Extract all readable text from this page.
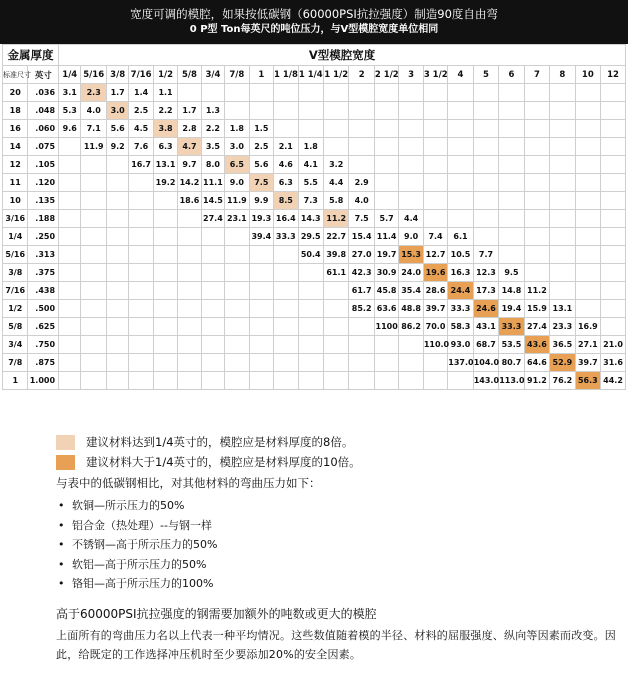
宽度可调的模腔，如果按低碳钢（60000PSI抗拉强度）制造90度自由弯
0 P型 Ton每英尺的吨位压力，与V型模腔宽度单位相同
金属厚度		V型模腔宽度																						
标准尺寸	英寸	1/4	5/16	3/8	7/16	1/2	5/8	3/4	7/8	1	1 1/8	1 1/4	1 1/2	2	2 1/2	3	3 1/2	4	5	6	7	8	10	12
20	.036	3.1	2.3	1.7	1.4	1.1																		
18	.048	5.3	4.0	3.0	2.5	2.2	1.7	1.3																
16	.060	9.6	7.1	5.6	4.5	3.8	2.8	2.2	1.8	1.5														
14	.075		11.9	9.2	7.6	6.3	4.7	3.5	3.0	2.5	2.1	1.8												
12	.105				16.7	13.1	9.7	8.0	6.5	5.6	4.6	4.1	3.2											
11	.120					19.2	14.2	11.1	9.0	7.5	6.3	5.5	4.4	2.9										
10	.135						18.6	14.5	11.9	9.9	8.5	7.3	5.8	4.0										
3/16	.188							27.4	23.1	19.3	16.4	14.3	11.2	7.5	5.7	4.4								
1/4	.250									39.4	33.3	29.5	22.7	15.4	11.4	9.0	7.4	6.1						
5/16	.313											50.4	39.8	27.0	19.7	15.3	12.7	10.5	7.7					
3/8	.375												61.1	42.3	30.9	24.0	19.6	16.3	12.3	9.5				
7/16	.438													61.7	45.8	35.4	28.6	24.4	17.3	14.8	11.2			
1/2	.500													85.2	63.6	48.8	39.7	33.3	24.6	19.4	15.9	13.1		
5/8	.625														1100	86.2	70.0	58.3	43.1	33.3	27.4	23.3	16.9	
3/4	.750																110.0	93.0	68.7	53.5	43.6	36.5	27.1	21.0
7/8	.875																	137.0	104.0	80.7	64.6	52.9	39.7	31.6
1	1.000																		143.0	113.0	91.2	76.2	56.3	44.2
建议材料达到1/4英寸的，模腔应是材料厚度的8倍。
建议材料大于1/4英寸的，模腔应是材料厚度的10倍。
与表中的低碳钢相比，对其他材料的弯曲压力如下：
• 软铜—所示压力的50%
• 铝合金（热处理）--与钢一样
• 不锈钢—高于所示压力的50%
• 软铝—高于所示压力的50%
• 铬钼—高于所示压力的100%
高于60000PSI抗拉强度的钢需要加额外的吨数或更大的模腔
上面所有的弯曲压力名以上代表一种平均情况。这些数值随着模的半径、材料的屈服强度、纵向等因素而改变。因此，给既定的工作选择冲压机时至少要添加20%的安全因素。
